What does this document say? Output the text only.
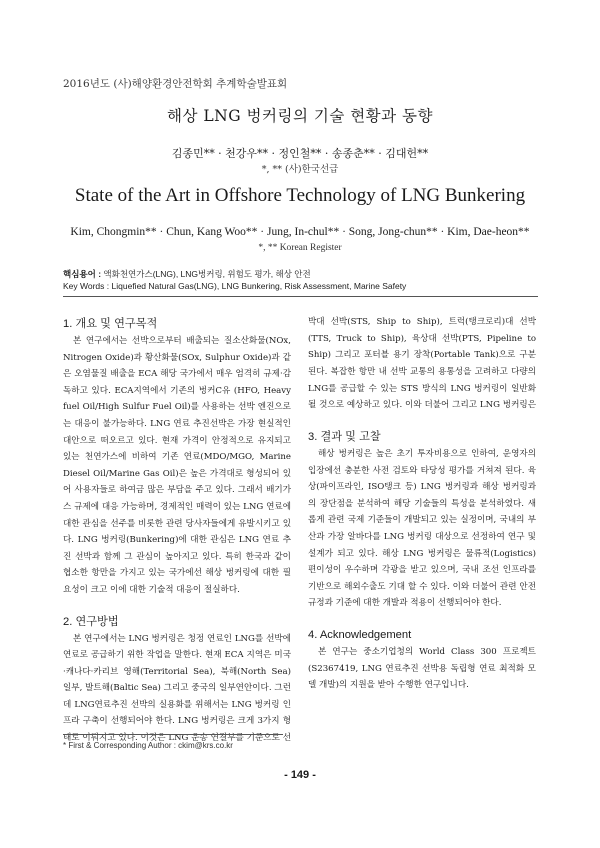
2016년도 (사)해양환경안전학회 추계학술발표회
해상 LNG 벙커링의 기술 현황과 동향
김종민** · 천강우** · 정인철** · 송종춘** · 김대헌**
*, ** (사)한국선급
State of the Art in Offshore Technology of LNG Bunkering
Kim, Chongmin** · Chun, Kang Woo** · Jung, In-chul** · Song, Jong-chun** · Kim, Dae-heon**
*, ** Korean Register
핵심용어 : 액화천연가스(LNG), LNG벙커링, 위험도 평가, 해상 안전
Key Words : Liquefied Natural Gas(LNG), LNG Bunkering, Risk Assessment, Marine Safety
1. 개요 및 연구목적

본 연구에서는 선박으로부터 배출되는 질소산화물(NOx, Nitrogen Oxide)과 황산화물(SOx, Sulphur Oxide)과 같은 오염물질 배출을 ECA 해당 국가에서 매우 엄격히 규제·감독하고 있다. ECA지역에서 기존의 벙커C유 (HFO, Heavy fuel Oil/High Sulfur Fuel Oil)를 사용하는 선박 엔진으로는 대응이 불가능하다. LNG 연료 추진선박은 가장 현실적인 대안으로 떠오르고 있다. 현재 가격이 안정적으로 유지되고 있는 천연가스에 비하여 기존 연료(MDO/MGO, Marine Diesel Oil/Marine Gas Oil)은 높은 가격대로 형성되어 있어 사용자들로 하여금 많은 부담을 주고 있다. 그래서 배기가스 규제에 대응 가능하며, 경제적인 매력이 있는 LNG 연료에 대한 관심을 선주를 비롯한 관련 당사자들에게 유발시키고 있다. LNG 벙커링(Bunkering)에 대한 관심은 LNG 연료 추진 선박과 함께 그 관심이 높아지고 있다. 특히 한국과 같이 협소한 항만을 가지고 있는 국가에선 해상 벙커링에 대한 필요성이 크고 이에 대한 기술적 대응이 절실하다.

2. 연구방법

본 연구에서는 LNG 벙커링은 청정 연료인 LNG를 선박에 연료로 공급하기 위한 작업을 말한다. 현재 ECA 지역은 미국·캐나다·카리브 영해(Territorial Sea), 북해(North Sea) 일부, 발트해(Baltic Sea) 그리고 중국의 일부연안이다. 그런데 LNG연료추진 선박의 실용화를 위해서는 LNG 벙커링 인프라 구축이 선행되어야 한다. LNG 벙커링은 크게 3가지 형태로 이뤄지고 있다. 이것은 LNG 운송 연결부를 기준으로 선

박대 선박(STS, Ship to Ship), 트럭(탱크로리)대 선박(TTS, Truck to Ship), 육상대 선박(PTS, Pipeline to Ship) 그리고 포터블 용기 장착(Portable Tank)으로 구분된다. 복잡한 항만 내 선박 교통의 용통성을 고려하고 다량의 LNG를 공급할 수 있는 STS 방식의 LNG 벙커링이 일반화될 것으로 예상하고 있다. 이와 더불어 그리고 LNG 벙커링은

3. 결과 및 고찰

해상 벙커링은 높은 초기 투자비용으로 인하여, 운영자의 입장에선 충분한 사전 검토와 타당성 평가를 거쳐져 된다. 육상(파이프라인, ISO탱크 등) LNG 벙커링과 해상 벙커링과의 장단점을 분석하여 해당 기술들의 특성을 분석하였다. 새롭게 관련 국제 기준들이 개발되고 있는 실정이며, 국내의 부산과 가장 알바다를 LNG 벙커링 대상으로 선정하여 연구 및 설계가 되고 있다. 해상 LNG 벙커링은 물류적(Logistics) 편이성이 우수하며 각광을 받고 있으며, 국내 조선 인프라를 기반으로 해외수출도 기대 할 수 있다. 이와 더불어 관련 안전규정과 기준에 대한 개발과 적용이 선행되어야 한다.

4. Acknowledgement

본 연구는 중소기업청의 World Class 300 프로젝트(S2367419, LNG 연료추진 선박용 독립형 연료 최적화 모델 개발)의 지원을 받아 수행한 연구입니다.

* First & Corresponding Author : ckim@krs.co.kr
- 149 -
